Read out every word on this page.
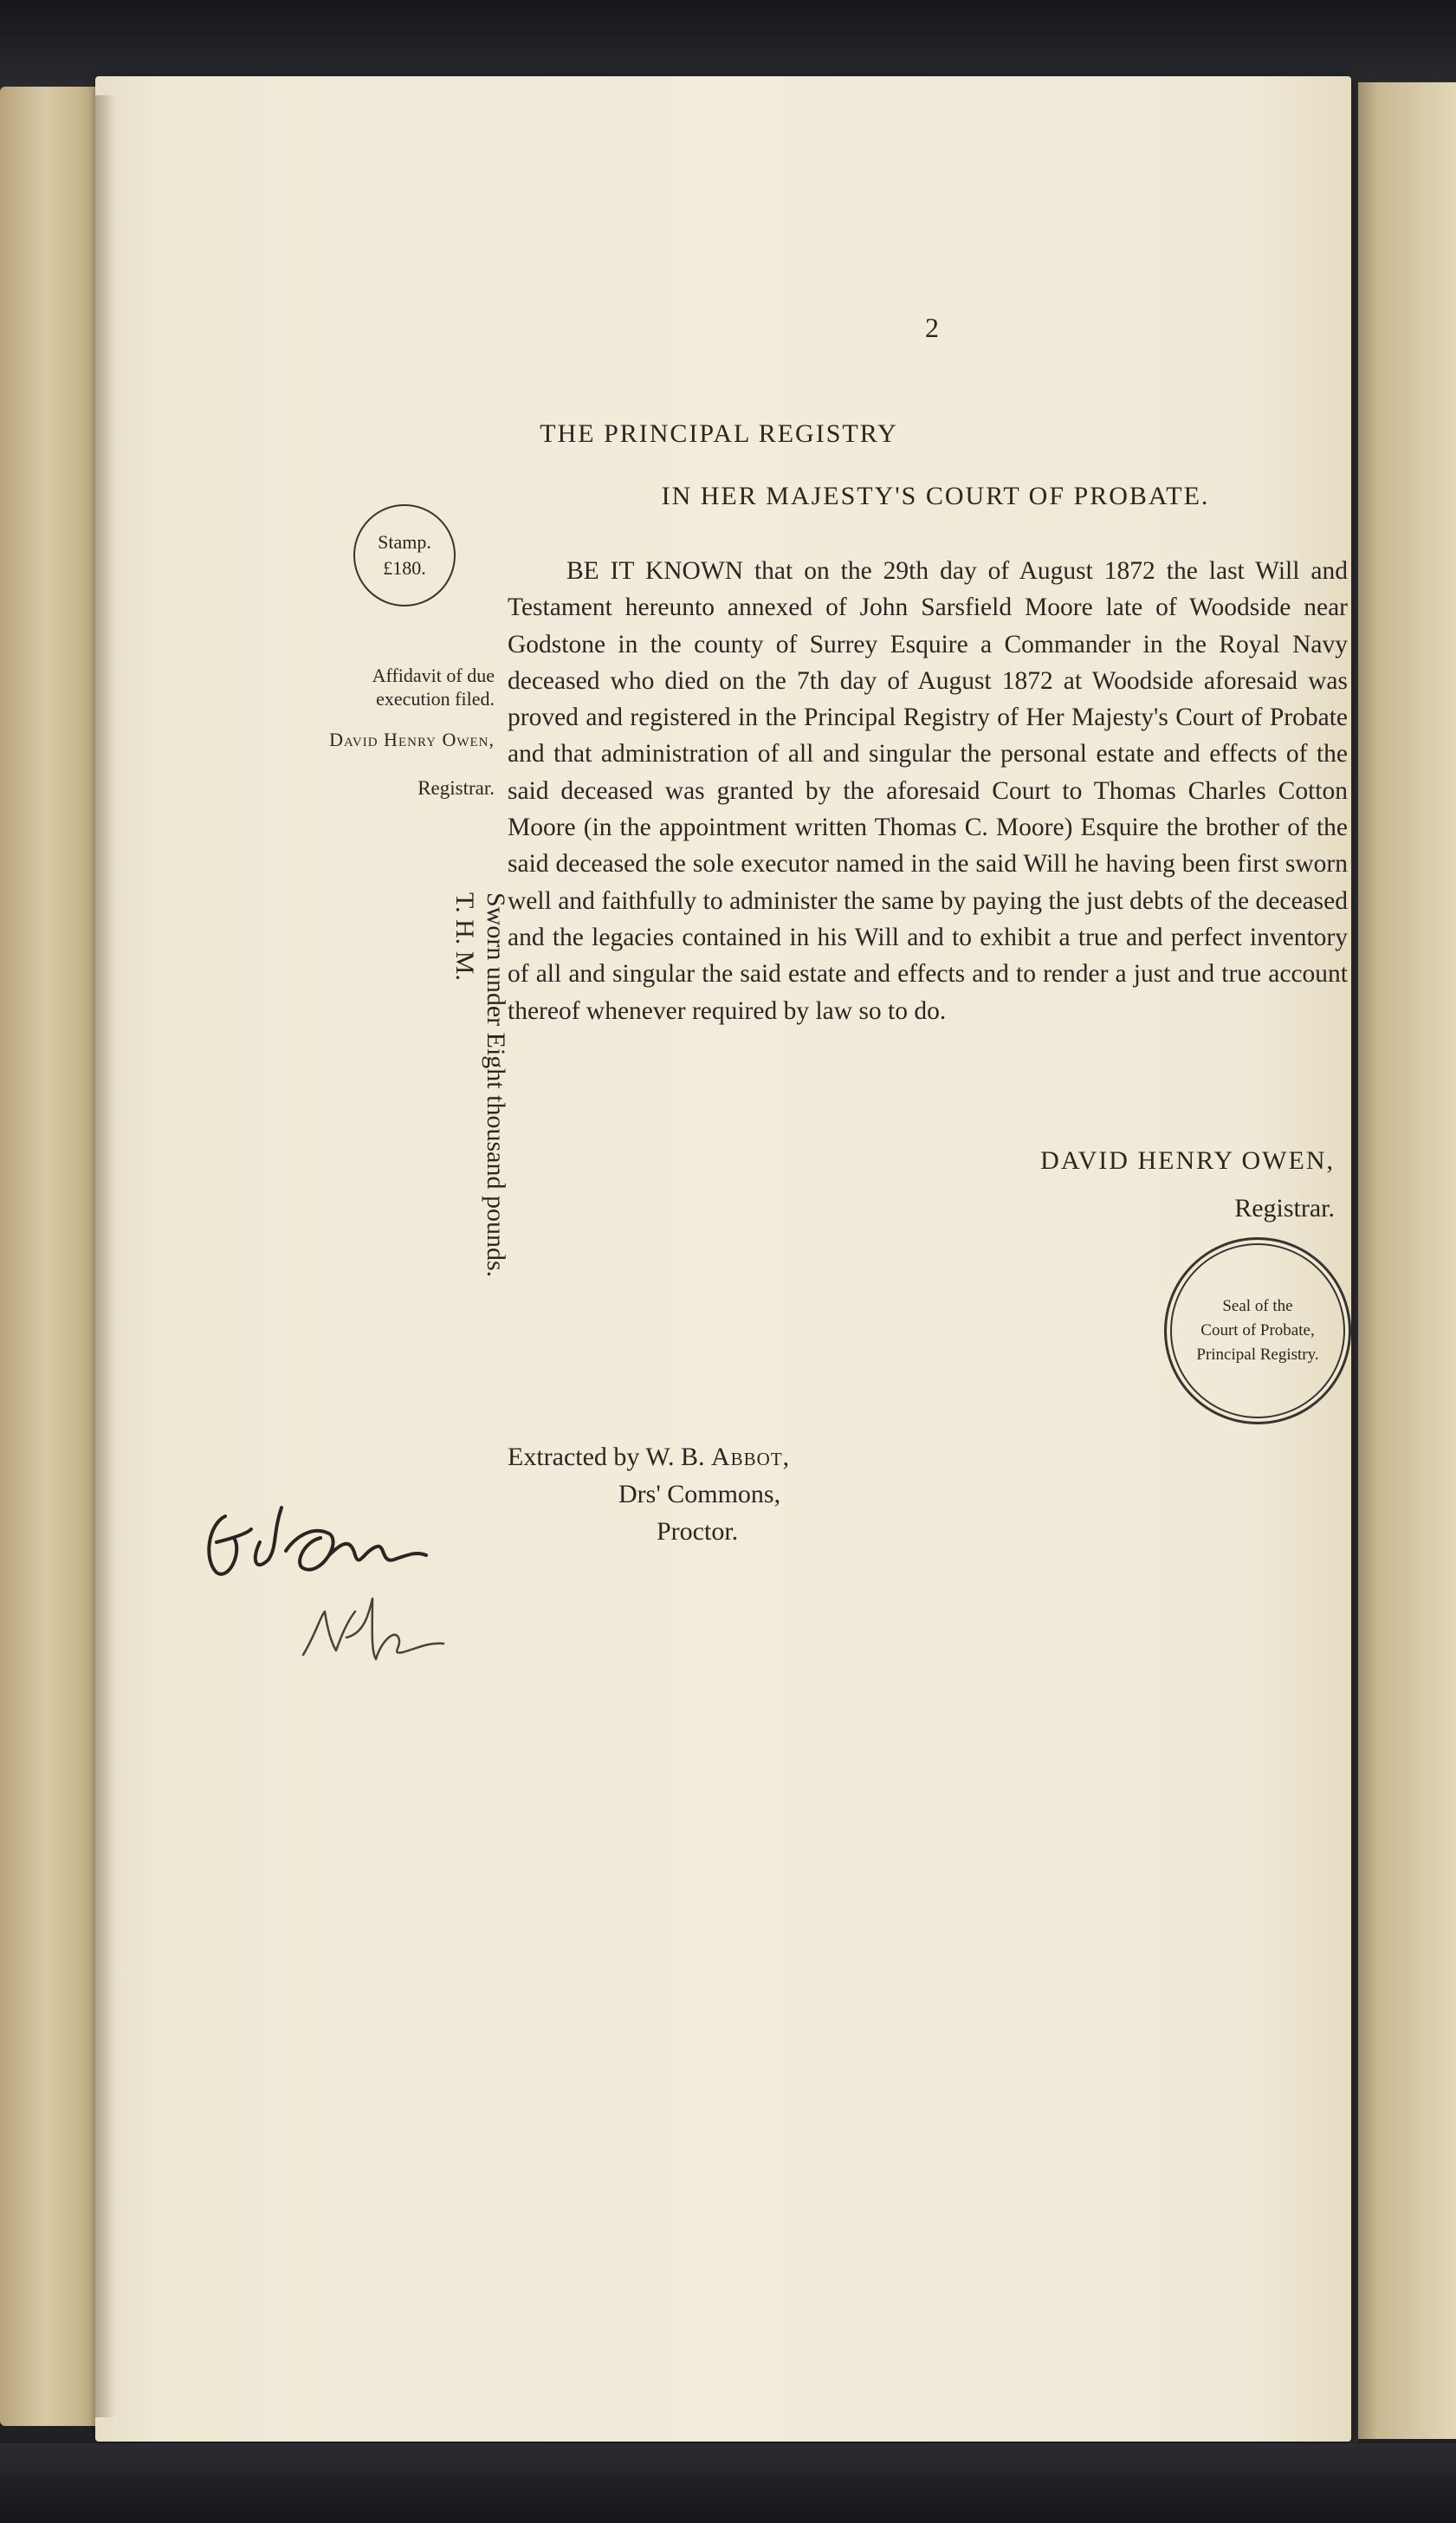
2
THE PRINCIPAL REGISTRY
IN HER MAJESTY'S COURT OF PROBATE.
Stamp.
£180.
Affidavit of due execution filed.
David Henry Owen,
Registrar.
Sworn under Eight thousand pounds.
T. H. M.
BE IT KNOWN that on the 29th day of August 1872 the last Will and Testament hereunto annexed of John Sarsfield Moore late of Woodside near Godstone in the county of Surrey Esquire a Commander in the Royal Navy deceased who died on the 7th day of August 1872 at Woodside aforesaid was proved and registered in the Principal Registry of Her Majesty's Court of Probate and that administration of all and singular the personal estate and effects of the said deceased was granted by the aforesaid Court to Thomas Charles Cotton Moore (in the appointment written Thomas C. Moore) Esquire the brother of the said deceased the sole executor named in the said Will he having been first sworn well and faithfully to administer the same by paying the just debts of the deceased and the legacies contained in his Will and to exhibit a true and perfect inventory of all and singular the said estate and effects and to render a just and true account thereof whenever required by law so to do.
DAVID HENRY OWEN,
Registrar.
Seal of the
Court of Probate,
Principal Registry.
Extracted by W. B. Abbot,
Drs' Commons,
Proctor.
